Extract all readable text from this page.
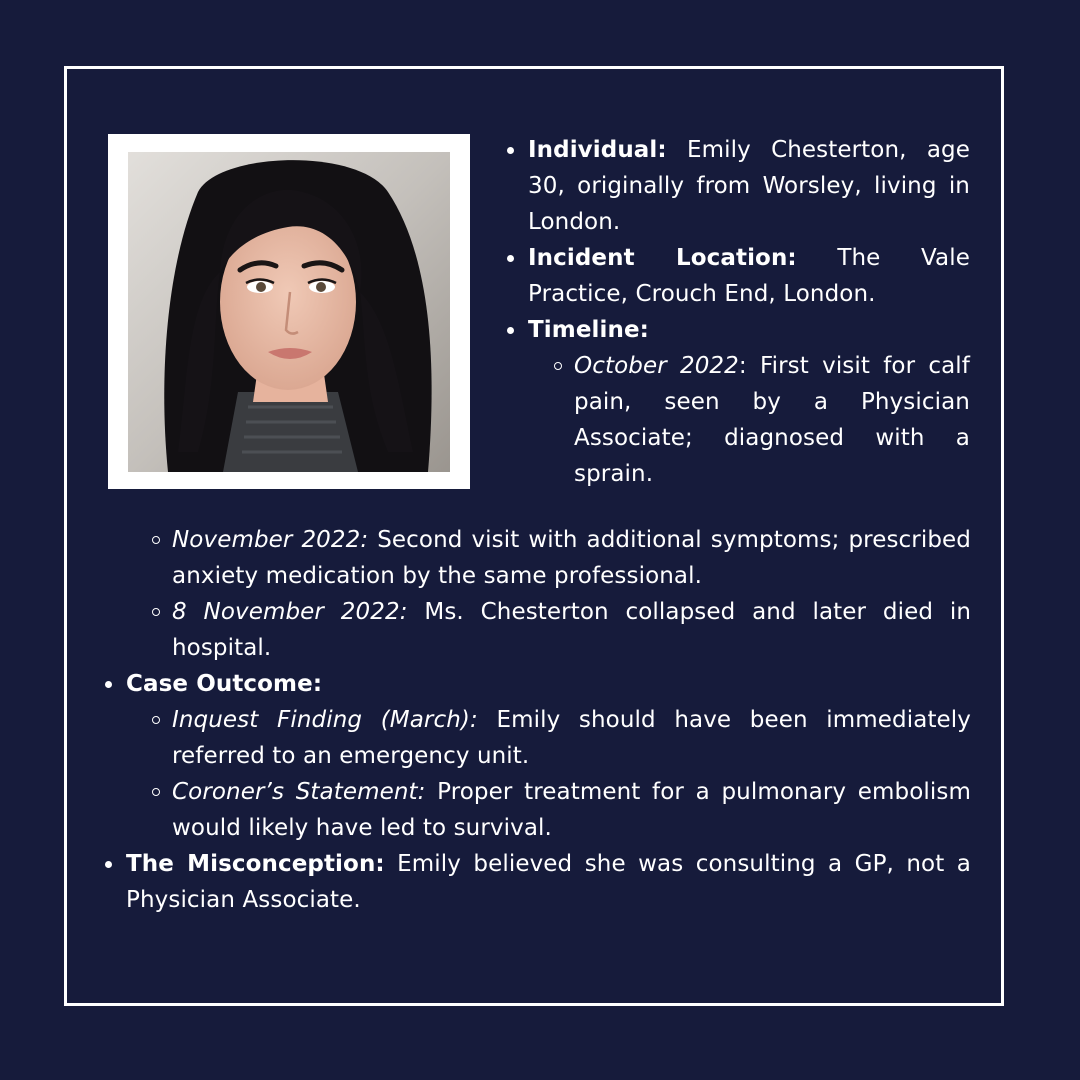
Individual: Emily Chesterton, age 30, originally from Worsley, living in London.
Incident Location: The Vale Practice, Crouch End, London.
Timeline:
October 2022: First visit for calf pain, seen by a Physician Associate; diagnosed with a sprain.
November 2022: Second visit with additional symptoms; prescribed anxiety medication by the same professional.
8 November 2022: Ms. Chesterton collapsed and later died in hospital.
Case Outcome:
Inquest Finding (March): Emily should have been immediately referred to an emergency unit.
Coroner’s Statement: Proper treatment for a pulmonary embolism would likely have led to survival.
The Misconception: Emily believed she was consulting a GP, not a Physician Associate.
